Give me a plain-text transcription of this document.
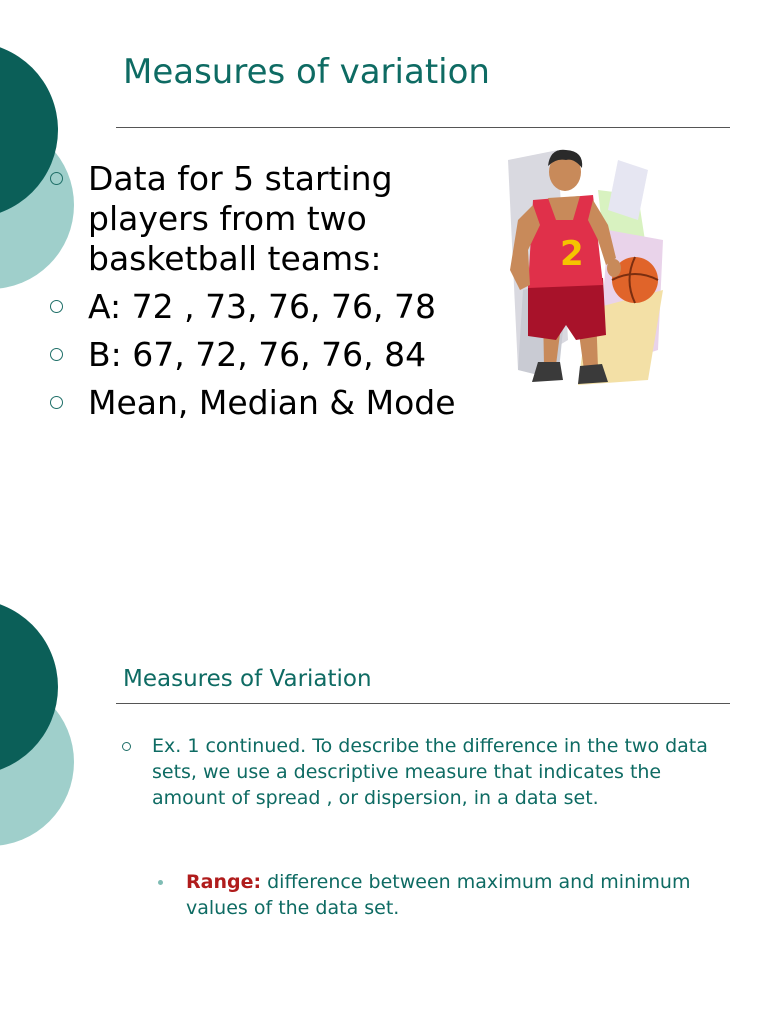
Measures of variation
Data for 5 starting players from two basketball teams:
A: 72 , 73, 76, 76, 78
B: 67, 72, 76, 76, 84
Mean, Median & Mode
2
Measures of Variation
Ex. 1 continued. To describe the difference in the two data sets, we use a descriptive measure that indicates the amount of spread , or dispersion, in a data set.
Range: difference between maximum and minimum values of the data set.
